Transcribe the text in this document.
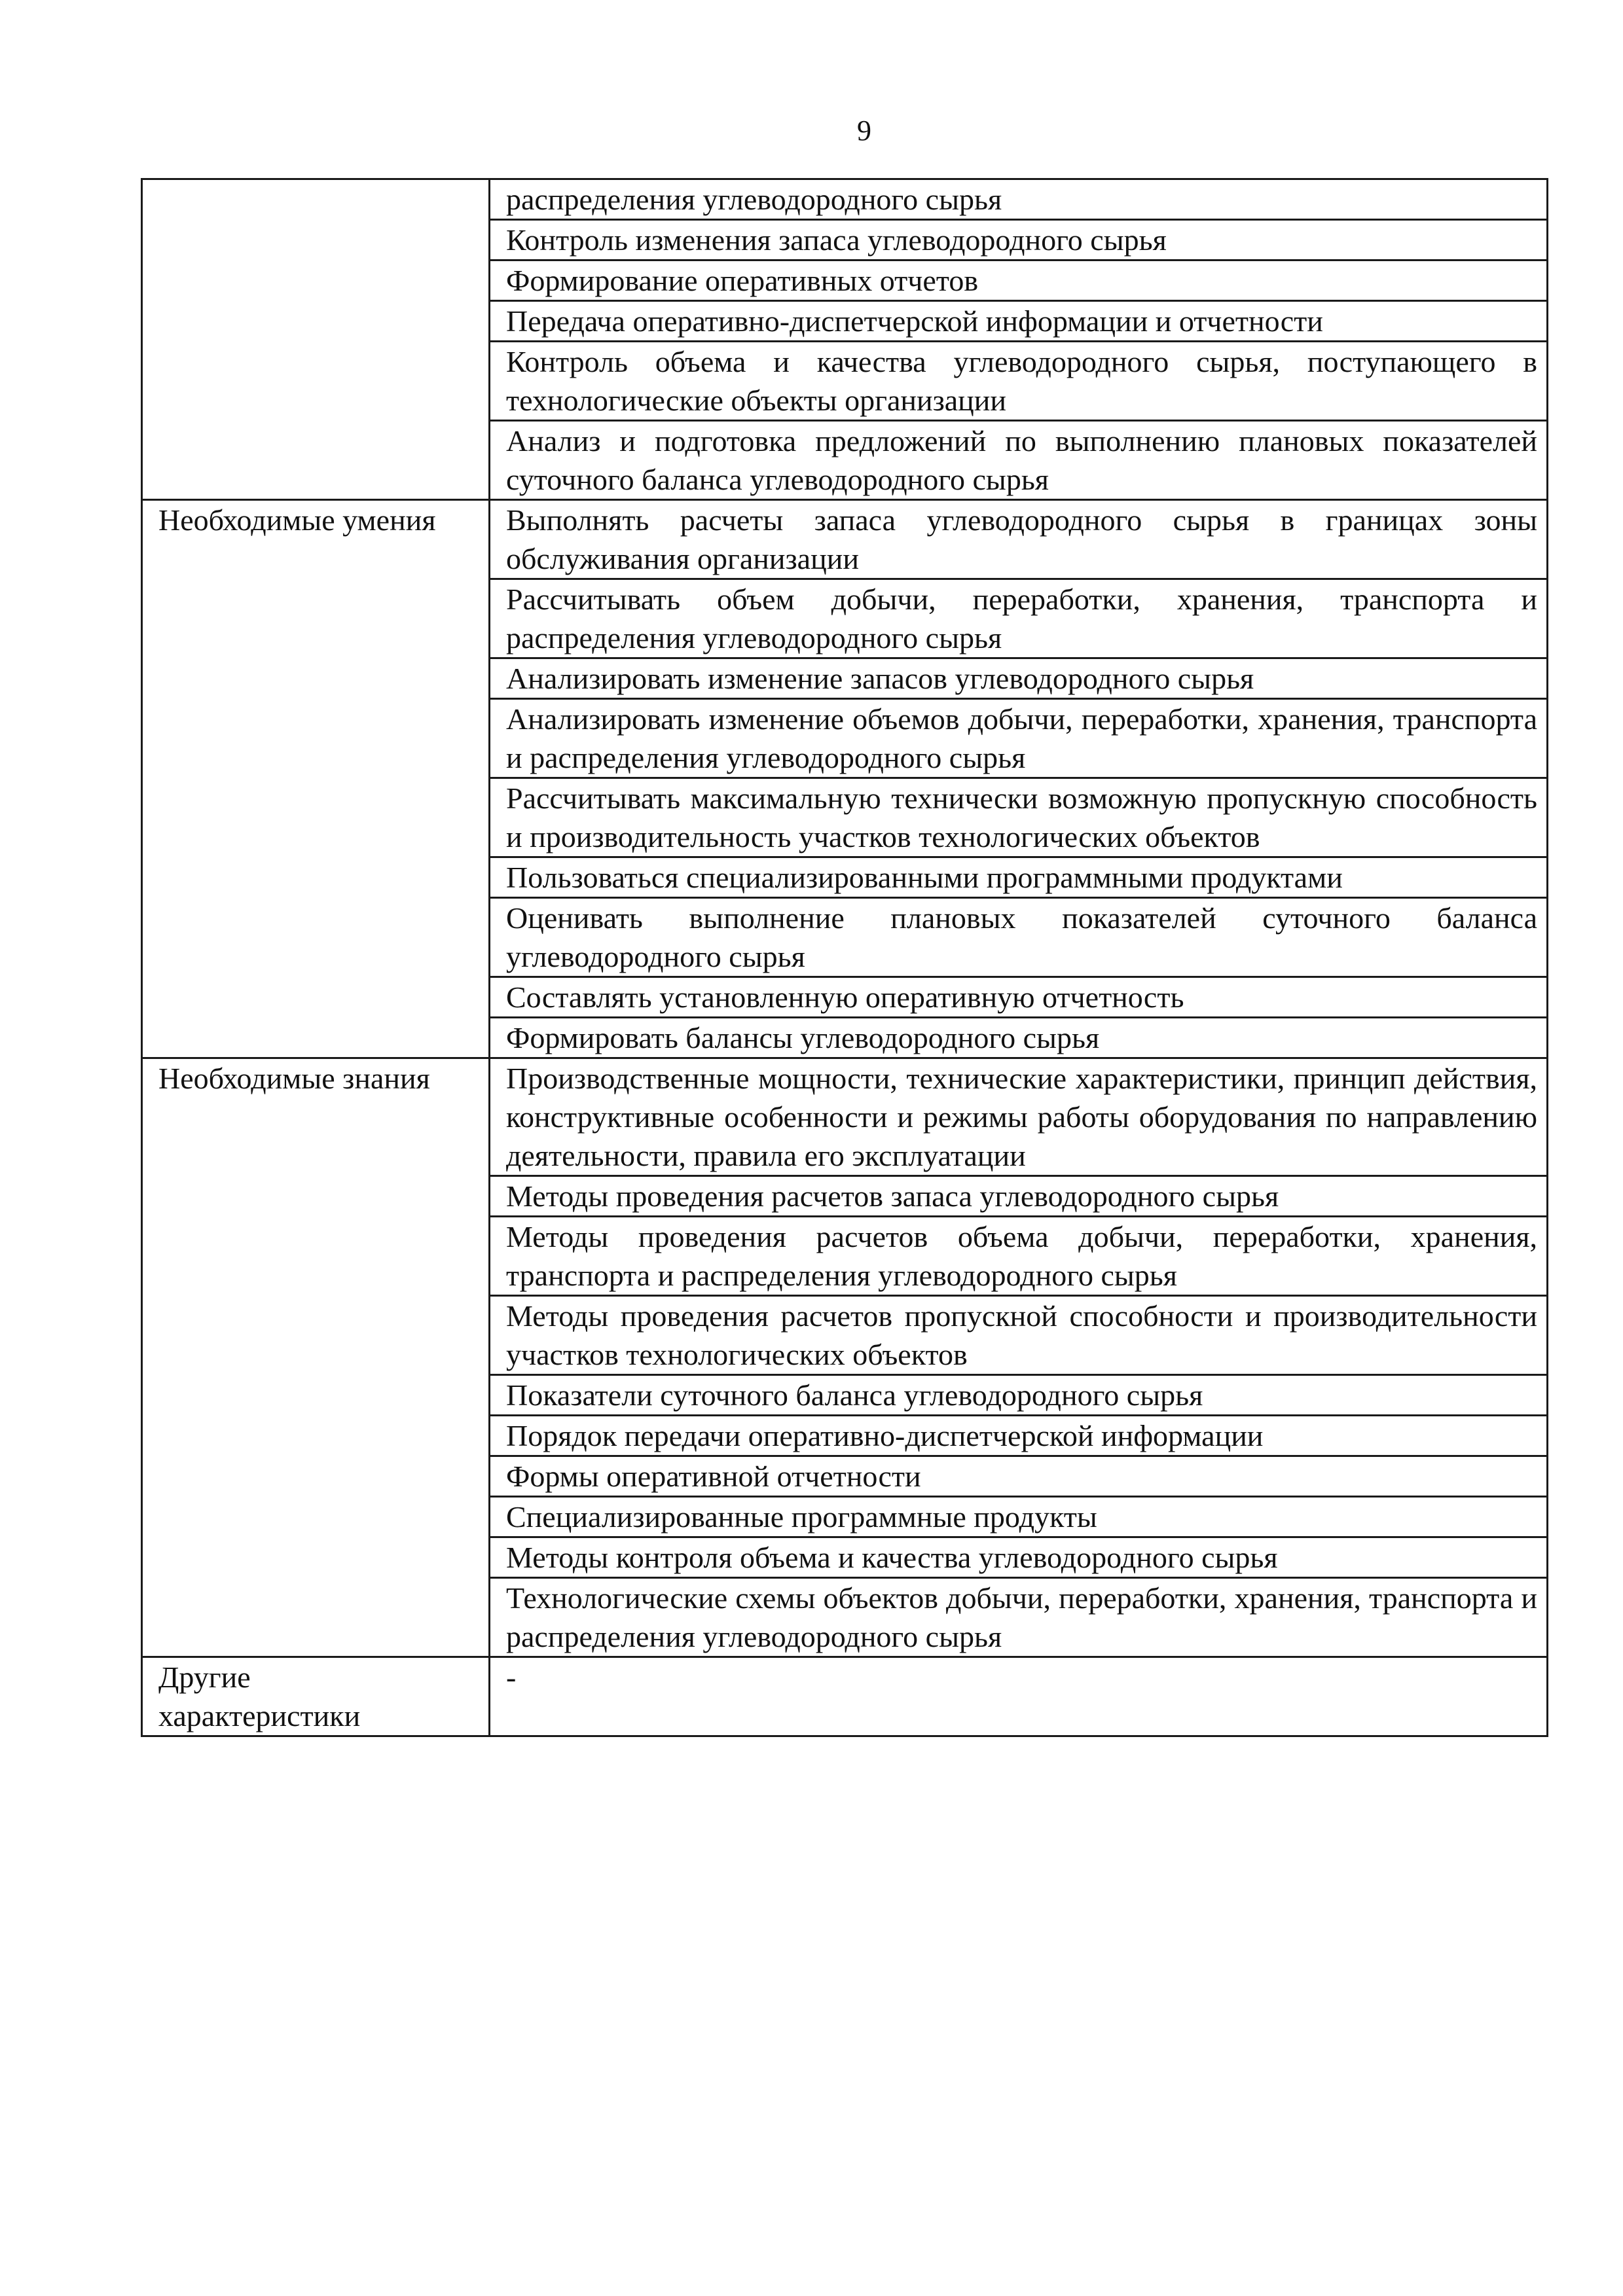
9

	распределения углеводородного сырья

	Контроль изменения запаса углеводородного сырья

	Формирование оперативных отчетов

	Передача оперативно-диспетчерской информации и отчетности

	Контроль объема и качества углеводородного сырья, поступающего в технологические объекты организации

	Анализ и подготовка предложений по выполнению плановых показателей суточного баланса углеводородного сырья

Необходимые умения	Выполнять расчеты запаса углеводородного сырья в границах зоны обслуживания организации

	Рассчитывать объем добычи, переработки, хранения, транспорта и распределения углеводородного сырья

	Анализировать изменение запасов углеводородного сырья

	Анализировать изменение объемов добычи, переработки, хранения, транспорта и распределения углеводородного сырья

	Рассчитывать максимальную технически возможную пропускную способность и производительность участков технологических объектов

	Пользоваться специализированными программными продуктами

	Оценивать выполнение плановых показателей суточного баланса углеводородного сырья

	Составлять установленную оперативную отчетность

	Формировать балансы углеводородного сырья

Необходимые знания	Производственные мощности, технические характеристики, принцип действия, конструктивные особенности и режимы работы оборудования по направлению деятельности, правила его эксплуатации

	Методы проведения расчетов запаса углеводородного сырья

	Методы проведения расчетов объема добычи, переработки, хранения, транспорта и распределения углеводородного сырья

	Методы проведения расчетов пропускной способности и производительности участков технологических объектов

	Показатели суточного баланса углеводородного сырья

	Порядок передачи оперативно-диспетчерской информации

	Формы оперативной отчетности

	Специализированные программные продукты

	Методы контроля объема и качества углеводородного сырья

	Технологические схемы объектов добычи, переработки, хранения, транспорта и распределения углеводородного сырья

Другие характеристики	-
